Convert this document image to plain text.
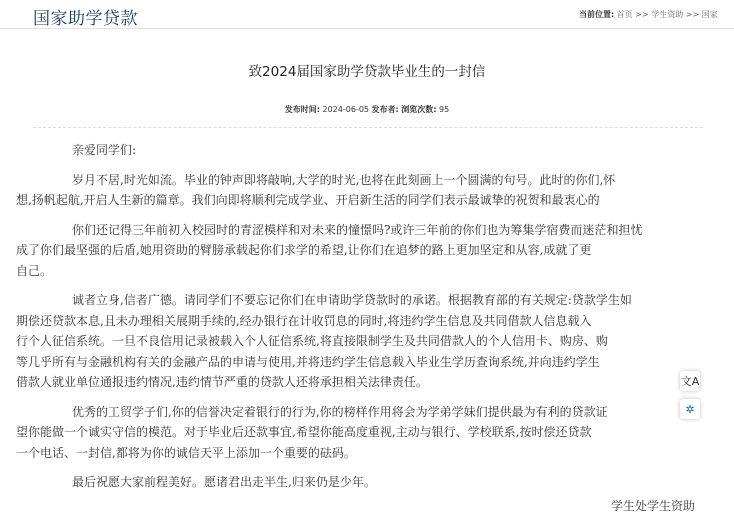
国家助学贷款	当前位置: 首页 >> 学生资助 >> 国家
致2024届国家助学贷款毕业生的一封信
发布时间: 2024-06-05 发布者: 浏览次数: 95

亲爱同学们:

岁月不居,时光如流。毕业的钟声即将敲响,大学的时光,也将在此刻画上一个圆满的句号。此时的你们,怀

想,扬帆起航,开启人生新的篇章。我们向即将顺利完成学业、开启新生活的同学们表示最诚挚的祝贺和最衷心的

你们还记得三年前初入校园时的青涩模样和对未来的憧憬吗?或许三年前的你们也为筹集学宿费而迷茫和担忧

成了你们最坚强的后盾,她用资助的臂膀承载起你们求学的希望,让你们在追梦的路上更加坚定和从容,成就了更

自己。

诚者立身,信者广德。请同学们不要忘记你们在申请助学贷款时的承诺。根据教育部的有关规定:贷款学生如

期偿还贷款本息,且未办理相关展期手续的,经办银行在计收罚息的同时,将违约学生信息及共同借款人信息载入

行个人征信系统。一旦不良信用记录被载入个人征信系统,将直接限制学生及共同借款人的个人信用卡、购房、购

等几乎所有与金融机构有关的金融产品的申请与使用,并将违约学生信息载入毕业生学历查询系统,并向违约学生

借款人就业单位通报违约情况,违约情节严重的贷款人还将承担相关法律责任。

优秀的工贸学子们,你的信誉决定着银行的行为,你的榜样作用将会为学弟学妹们提供最为有利的贷款证

望你能做一个诚实守信的模范。对于毕业后还款事宜,希望你能高度重视,主动与银行、学校联系,按时偿还贷款

一个电话、一封信,都将为你的诚信天平上添加一个重要的砝码。

最后祝愿大家前程美好。愿诸君出走半生,归来仍是少年。

学生处学生资助
文A
✲
